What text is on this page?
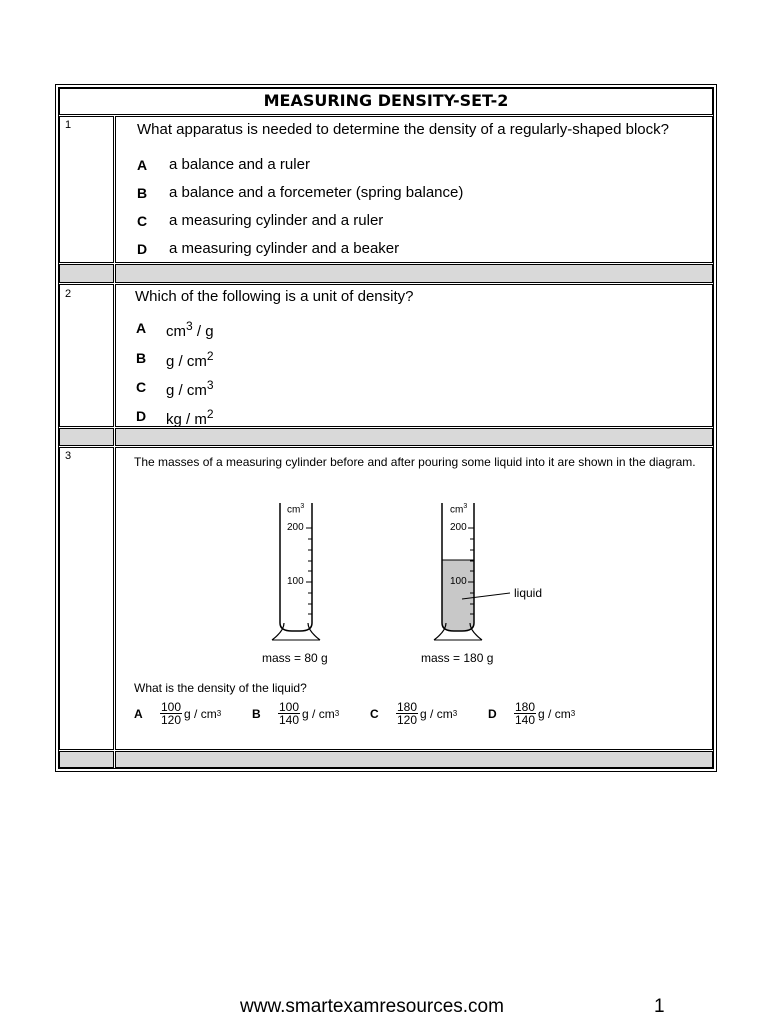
MEASURING DENSITY-SET-2
1	What apparatus is needed to determine the density of a regularly-shaped block?
A a balance and a ruler
B a balance and a forcemeter (spring balance)
C a measuring cylinder and a ruler
D a measuring cylinder and a beaker
2	Which of the following is a unit of density?
A $cm^3$ / g
B g / $cm^2$
C g / $cm^3$
D kg / $m^2$
3	The masses of a measuring cylinder before and after pouring some liquid into it are shown in the diagram.
$cm^3$
200
100
$cm^3$
200
100
liquid
mass = 80 g	mass = 180 g
What is the density of the liquid?
A	$\frac{100}{120}$ g / cm 3	B	$\frac{100}{140}$ g / cm 3	C	$\frac{180}{120}$ g / cm 3	D	$\frac{180}{140}$ g / cm 3
www.smartexamresources.com	1
